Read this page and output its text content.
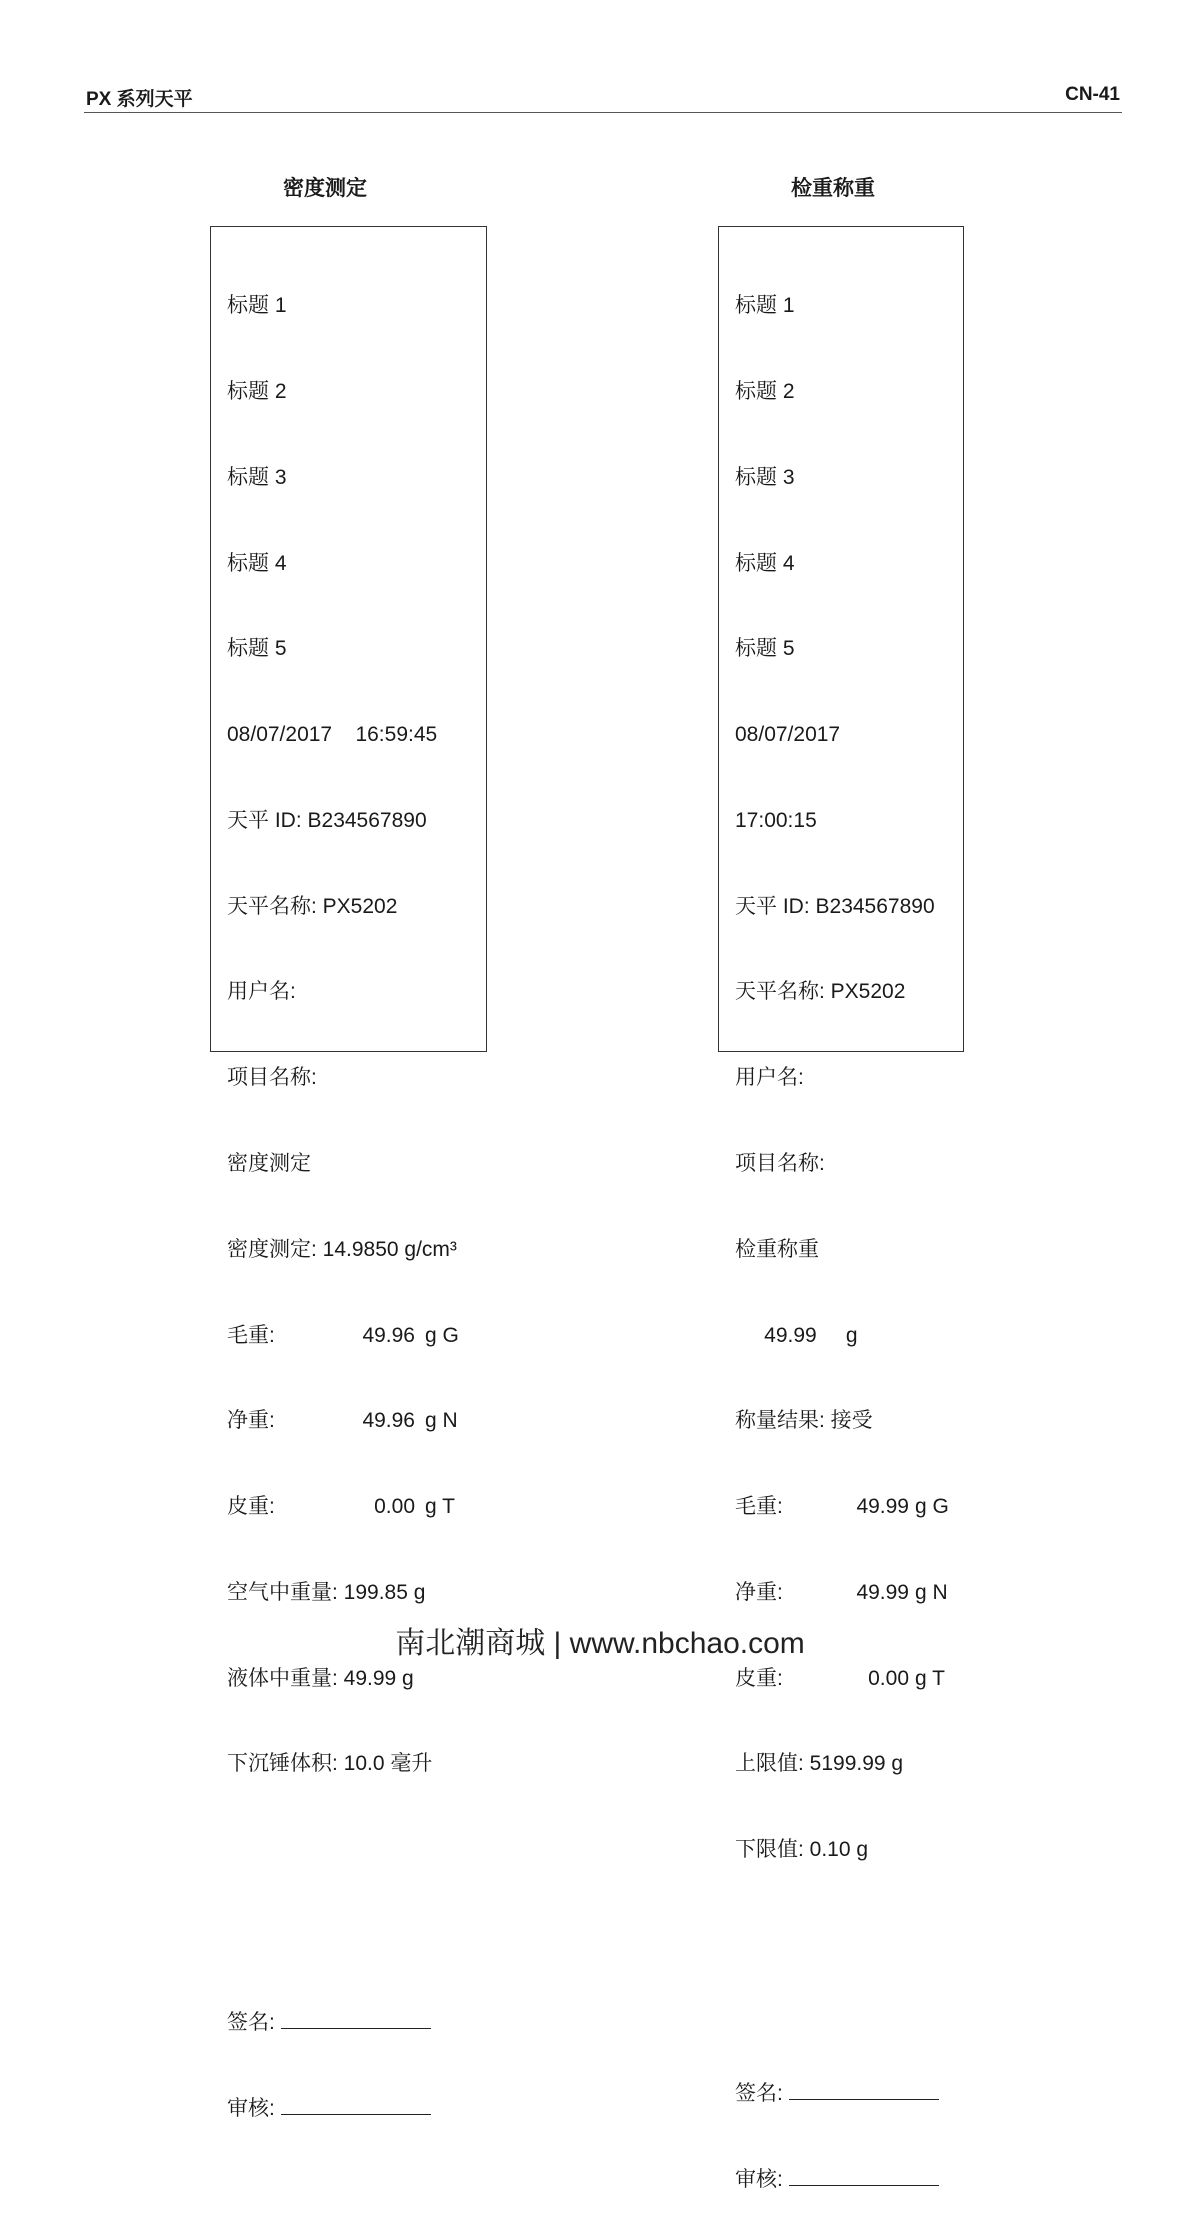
PX 系列天平	CN-41
密度测定	检重称重

标题 1

标题 2

标题 3

标题 4

标题 5

08/07/2017    16:59:45

天平 ID: B234567890

天平名称: PX5202

用户名:

项目名称:

密度测定

密度测定: 14.9850 g/cm³

毛重:	49.96 g G

净重:	49.96 g N

皮重:	0.00 g T

空气中重量: 199.85 g

液体中重量: 49.99 g

下沉锤体积: 10.0 毫升

签名:

审核:

标题 1

标题 2

标题 3

标题 4

标题 5

08/07/2017

17:00:15

天平 ID: B234567890

天平名称: PX5202

用户名:

项目名称:

检重称重

49.99     g

称量结果: 接受

毛重:	49.99 g G

净重:	49.99 g N

皮重:	0.00 g T

上限值: 5199.99 g

下限值: 0.10 g

签名:

审核:

南北潮商城 | www.nbchao.com
